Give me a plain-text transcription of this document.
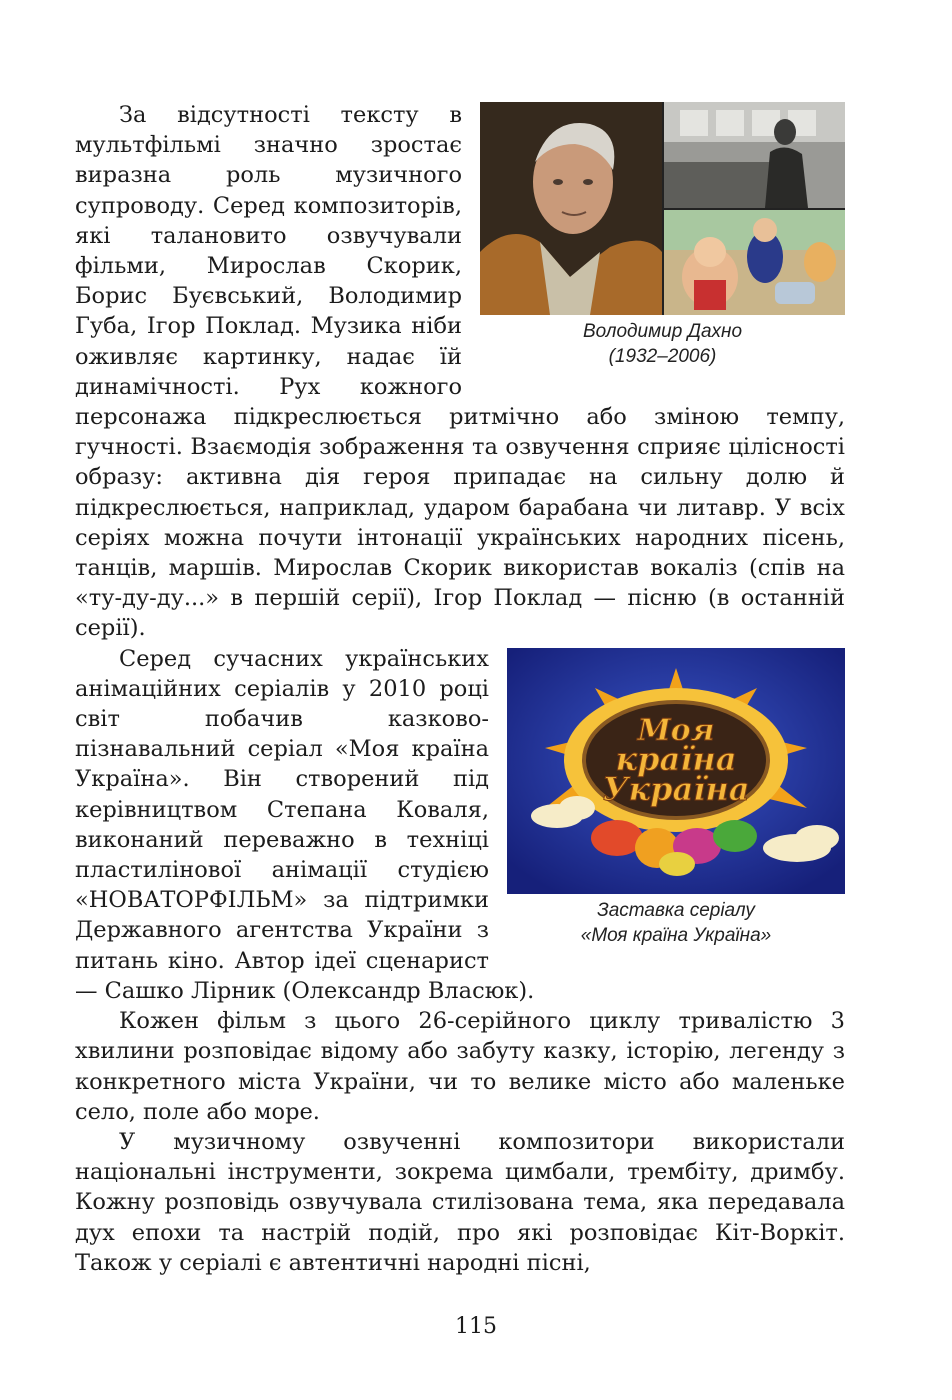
Володимир Дахно
(1932–2006)

За відсутності тексту в мультфільмі значно зростає виразна роль музичного супроводу. Серед композиторів, які талановито озвучували фільми, Мирослав Скорик, Борис Буєвський, Володимир Губа, Ігор Поклад. Музика ніби оживляє картинку, надає їй динамічності. Рух кожного персонажа підкреслюється ритмічно або зміною темпу, гучності. Взаємодія зображення та озвучення сприяє цілісності образу: активна дія героя припадає на сильну долю й підкреслюється, наприклад, ударом барабана чи литавр. У всіх серіях можна почути інтонації українських народних пісень, танців, маршів. Мирослав Скорик використав вокаліз (спів на «ту-ду-ду...» в першій серії), Ігор Поклад — пісню (в останній серії).

Моя
країна
Україна
Заставка серіалу
«Моя країна Україна»

Серед сучасних українських анімаційних серіалів у 2010 році світ побачив казково-пізнавальний серіал «Моя країна Україна». Він створений під керівництвом Степана Коваля, виконаний переважно в техніці пластилінової анімації студією «НОВАТОРФІЛЬМ» за підтримки Державного агентства України з питань кіно. Автор ідеї сценарист — Сашко Лірник (Олександр Власюк).

Кожен фільм з цього 26-серійного циклу тривалістю 3 хвилини розповідає відому або забуту казку, історію, легенду з конкретного міста України, чи то велике місто або маленьке село, поле або море.

У музичному озвученні композитори використали національні інструменти, зокрема цимбали, трембіту, дримбу. Кожну розповідь озвучувала стилізована тема, яка передавала дух епохи та настрій подій, про які розповідає Кіт-Воркіт. Також у серіалі є автентичні народні пісні,

115
